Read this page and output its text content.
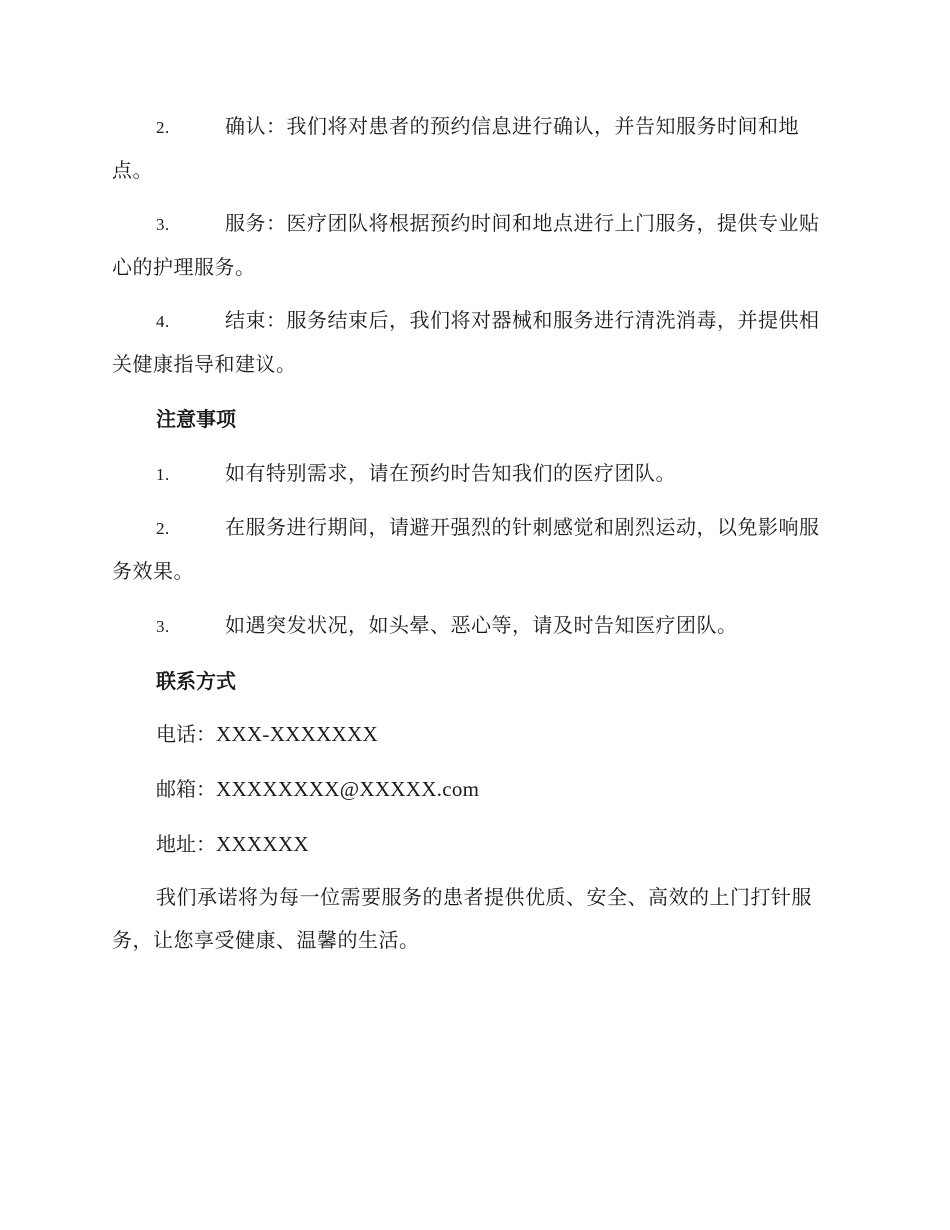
2.	确认：我们将对患者的预约信息进行确认，并告知服务时间和地点。
3.	服务：医疗团队将根据预约时间和地点进行上门服务，提供专业贴心的护理服务。
4.	结束：服务结束后，我们将对器械和服务进行清洗消毒，并提供相关健康指导和建议。
注意事项
1.	如有特别需求，请在预约时告知我们的医疗团队。
2.	在服务进行期间，请避开强烈的针刺感觉和剧烈运动，以免影响服务效果。
3.	如遇突发状况，如头晕、恶心等，请及时告知医疗团队。
联系方式
电话：XXX-XXXXXXX
邮箱：XXXXXXXX@XXXXX.com
地址：XXXXXX
我们承诺将为每一位需要服务的患者提供优质、安全、高效的上门打针服务，让您享受健康、温馨的生活。
